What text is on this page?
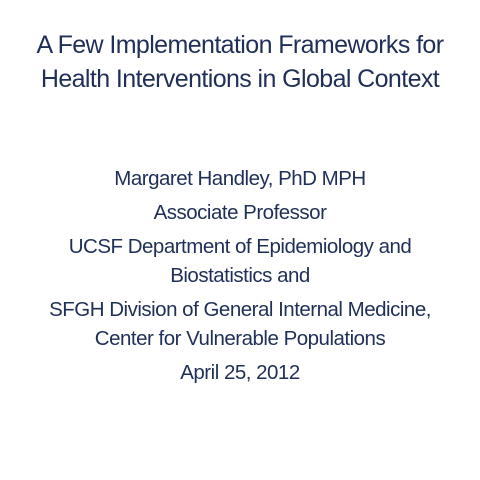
A Few Implementation Frameworks for
Health Interventions in Global Context
Margaret Handley, PhD MPH
Associate Professor
UCSF Department of Epidemiology and
Biostatistics and
SFGH Division of General Internal Medicine,
Center for Vulnerable Populations
April 25, 2012
